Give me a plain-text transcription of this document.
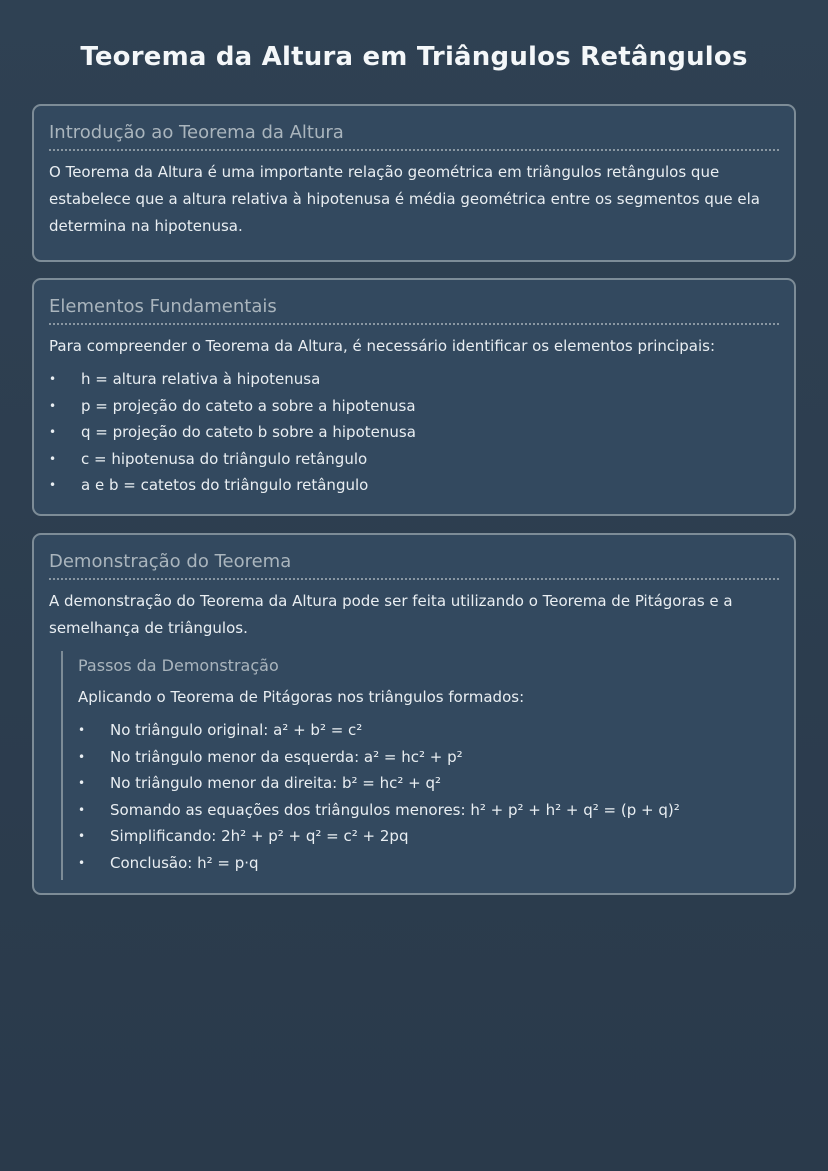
Teorema da Altura em Triângulos Retângulos
Introdução ao Teorema da Altura

O Teorema da Altura é uma importante relação geométrica em triângulos retângulos que estabelece que a altura relativa à hipotenusa é média geométrica entre os segmentos que ela determina na hipotenusa.

Elementos Fundamentais

Para compreender o Teorema da Altura, é necessário identificar os elementos principais:

• h = altura relativa à hipotenusa
• p = projeção do cateto a sobre a hipotenusa
• q = projeção do cateto b sobre a hipotenusa
• c = hipotenusa do triângulo retângulo
• a e b = catetos do triângulo retângulo
Demonstração do Teorema

A demonstração do Teorema da Altura pode ser feita utilizando o Teorema de Pitágoras e a semelhança de triângulos.

Passos da Demonstração

Aplicando o Teorema de Pitágoras nos triângulos formados:

• No triângulo original: a² + b² = c²
• No triângulo menor da esquerda: a² = hc² + p²
• No triângulo menor da direita: b² = hc² + q²
• Somando as equações dos triângulos menores: h² + p² + h² + q² = (p + q)²
• Simplificando: 2h² + p² + q² = c² + 2pq
• Conclusão: h² = p·q
